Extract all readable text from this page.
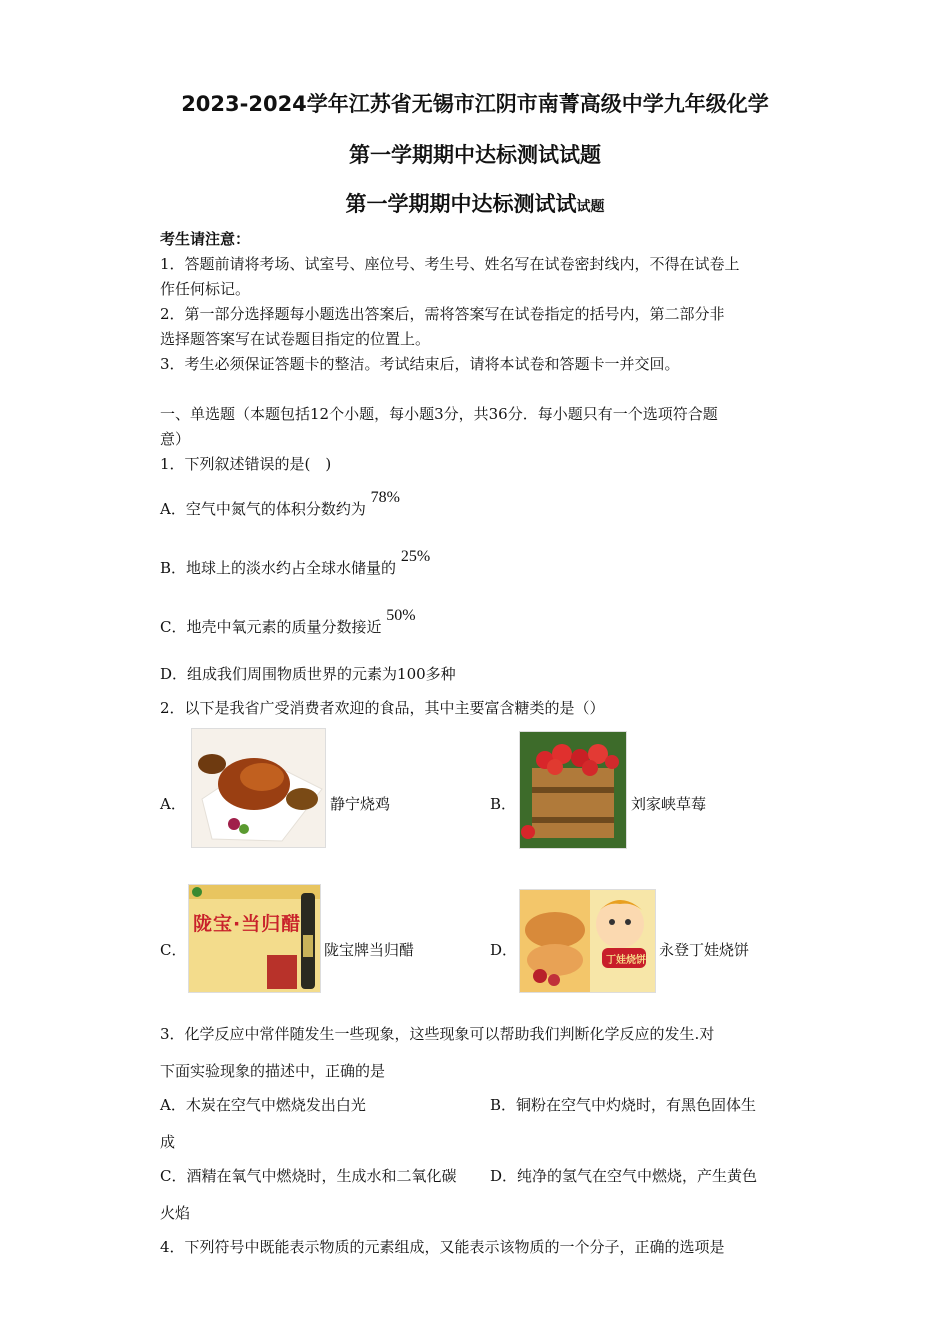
2023-2024学年江苏省无锡市江阴市南菁高级中学九年级化学
第一学期期中达标测试试题
第一学期期中达标测试试试题
考生请注意：
1．答题前请将考场、试室号、座位号、考生号、姓名写在试卷密封线内，不得在试卷上
作任何标记。
2．第一部分选择题每小题选出答案后，需将答案写在试卷指定的括号内，第二部分非
选择题答案写在试卷题目指定的位置上。
3．考生必须保证答题卡的整洁。考试结束后，请将本试卷和答题卡一并交回。
一、单选题（本题包括12个小题，每小题3分，共36分．每小题只有一个选项符合题
意）
1．下列叙述错误的是(　)
A．空气中氮气的体积分数约为 78%
B．地球上的淡水约占全球水储量的 25%
C．地壳中氧元素的质量分数接近 50%
D．组成我们周围物质世界的元素为100多种
2．以下是我省广受消费者欢迎的食品，其中主要富含糖类的是（）
A．	静宁烧鸡	B．	刘家峡草莓
C．
陇宝·当归醋
陇宝牌当归醋	D．
丁娃烧饼
永登丁娃烧饼
3．化学反应中常伴随发生一些现象，这些现象可以帮助我们判断化学反应的发生.对
下面实验现象的描述中，正确的是
A．木炭在空气中燃烧发出白光	B．铜粉在空气中灼烧时，有黑色固体生
成
C．酒精在氧气中燃烧时，生成水和二氧化碳 D．纯净的氢气在空气中燃烧，产生黄色
火焰
4．下列符号中既能表示物质的元素组成，又能表示该物质的一个分子，正确的选项是
